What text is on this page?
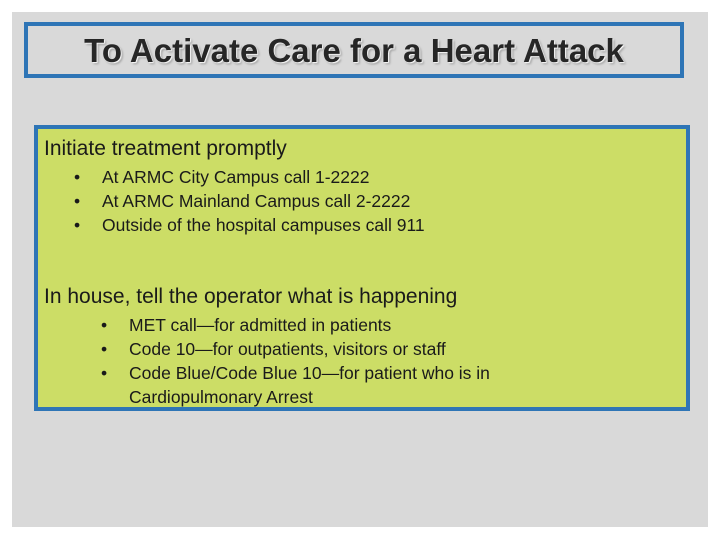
To Activate Care for a Heart Attack
Initiate treatment promptly
• At ARMC City Campus call 1-2222
• At ARMC Mainland Campus call 2-2222
• Outside of the hospital campuses call 911
In house, tell the operator what is happening
• MET call—for admitted in patients
• Code 10—for outpatients, visitors or staff
• Code Blue/Code Blue 10—for patient who is in Cardiopulmonary Arrest
